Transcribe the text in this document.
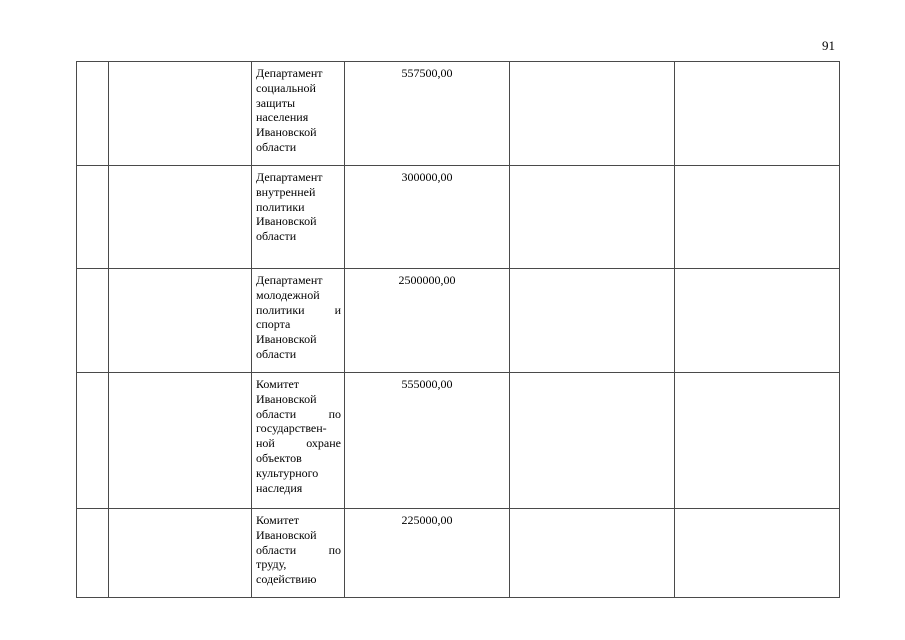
91

		Департамент социальной защиты населения Ивановской области	557500,00		

		Департамент внутренней политики Ивановской области	300000,00		

		Департамент молодежной политики и спорта Ивановской области	2500000,00		

		Комитет Ивановской области по государствен-ной охране объектов культурного наследия	555000,00		

		Комитет Ивановской области по труду, содействию	225000,00		
